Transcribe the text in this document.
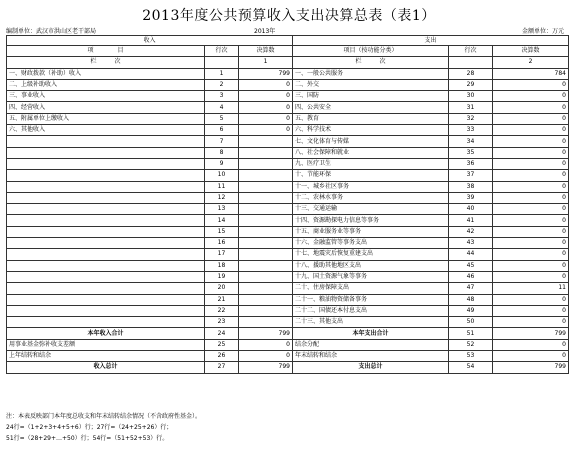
2013年度公共预算收入支出决算总表（表1）
编制单位：武汉市洪山区老干部局	2013年	金额单位：万元
收入			支出		
项　　　　目	行次	决算数	项目（按功能分类）	行次	决算数
栏　　　次		1	栏　　　次		2
一、财政拨款（补助）收入	1	799	一、一般公共服务	28	784
二、上级补助收入	2	0	二、外交	29	0
三、事业收入	3	0	三、国防	30	0
四、经营收入	4	0	四、公共安全	31	0
五、附属单位上缴收入	5	0	五、教育	32	0
六、其他收入	6	0	六、科学技术	33	0
	7		七、文化体育与传媒	34	0
	8		八、社会保障和就业	35	0
	9		九、医疗卫生	36	0
	10		十、节能环保	37	0
	11		十一、城乡社区事务	38	0
	12		十二、农林水事务	39	0
	13		十三、交通运输	40	0
	14		十四、资源勘探电力信息等事务	41	0
	15		十五、商业服务业等事务	42	0
	16		十六、金融监管等事务支出	43	0
	17		十七、地震灾后恢复重建支出	44	0
	18		十八、援助其他地区支出	45	0
	19		十九、国土资源气象等事务	46	0
	20		二十、住房保障支出	47	11
	21		二十一、粮油物资储备事务	48	0
	22		二十二、国债还本付息支出	49	0
	23		二十三、其他支出	50	0
本年收入合计	24	799	本年支出合计	51	799
用事业基金弥补收支差额	25	0	结余分配	52	0
上年结转和结余	26	0	年末结转和结余	53	0
收入总计	27	799	支出总计	54	799
注：本表反映部门本年度总收支和年末结转结余情况（不含政府性基金）。
24行=（1+2+3+4+5+6）行；27行=（24+25+26）行；
51行=（28+29+…+50）行；54行=（51+52+53）行。
